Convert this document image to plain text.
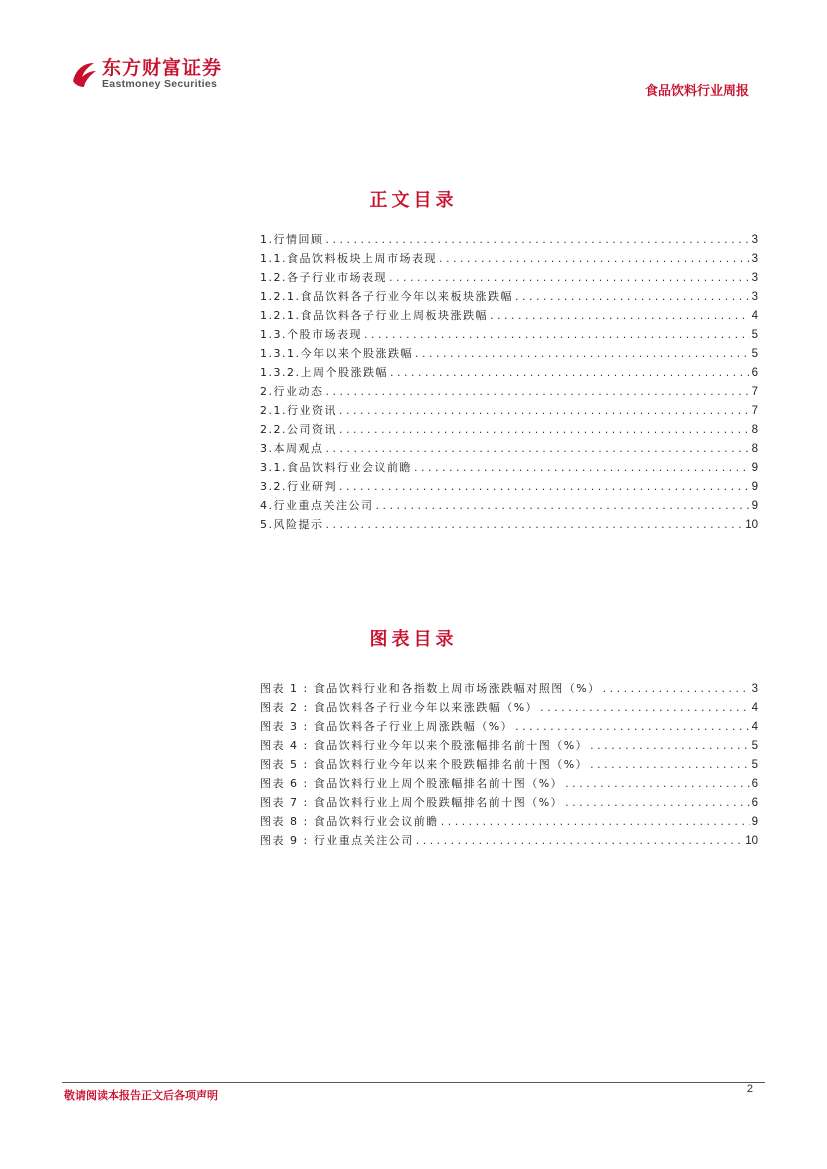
东方财富证券
Eastmoney Securities	食品饮料行业周报
正文目录
1.行情回顾 . . .	3
1.1.食品饮料板块上周市场表现 . . .	3
1.2.各子行业市场表现 . . .	3
1.2.1.食品饮料各子行业今年以来板块涨跌幅 . . .	3
1.2.1.食品饮料各子行业上周板块涨跌幅 . . .	4
1.3.个股市场表现 . . .	5
1.3.1.今年以来个股涨跌幅 . . .	5
1.3.2.上周个股涨跌幅 . . .	6
2.行业动态 . . .	7
2.1.行业资讯 . . .	7
2.2.公司资讯 . . .	8
3.本周观点 . . .	8
3.1.食品饮料行业会议前瞻 . . .	9
3.2.行业研判 . . .	9
4.行业重点关注公司 . . .	9
5.风险提示 . . .	10
图表目录
图表 1 : 食品饮料行业和各指数上周市场涨跌幅对照图（%） . . .	3
图表 2 : 食品饮料各子行业今年以来涨跌幅（%） . . .	4
图表 3 : 食品饮料各子行业上周涨跌幅（%） . . .	4
图表 4 : 食品饮料行业今年以来个股涨幅排名前十图（%） . . .	5
图表 5 : 食品饮料行业今年以来个股跌幅排名前十图（%） . . .	5
图表 6 : 食品饮料行业上周个股涨幅排名前十图（%） . . .	6
图表 7 : 食品饮料行业上周个股跌幅排名前十图（%） . . .	6
图表 8 : 食品饮料行业会议前瞻 . . .	9
图表 9 : 行业重点关注公司 . . .	10
敬请阅读本报告正文后各项声明	2
